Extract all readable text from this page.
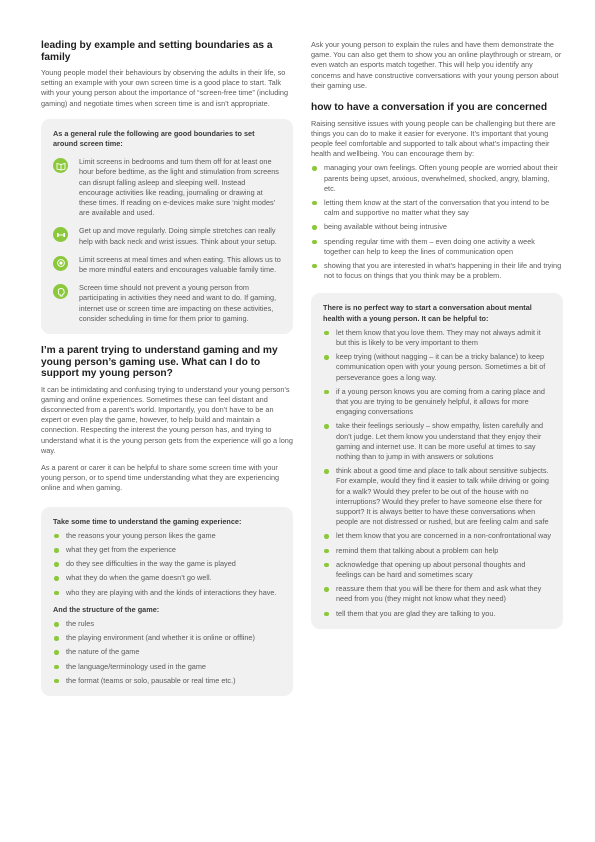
leading by example and setting boundaries as a family

Young people model their behaviours by observing the adults in their life, so setting an example with your own screen time is a good place to start. Talk with your young person about the importance of “screen-free time” (including gaming) and negotiate times when screen time is and isn’t appropriate.

As a general rule the following are good boundaries to set around screen time:
Limit screens in bedrooms and turn them off for at least one hour before bedtime, as the light and stimulation from screens can disrupt falling asleep and sleeping well. Instead encourage activities like reading, journaling or drawing at these times. If reading on e-devices make sure ‘night modes’ are available and used.
Get up and move regularly. Doing simple stretches can really help with back neck and wrist issues. Think about your setup.
Limit screens at meal times and when eating. This allows us to be more mindful eaters and encourages valuable family time.
Screen time should not prevent a young person from participating in activities they need and want to do. If gaming, internet use or screen time are impacting on these activities, consider scheduling in time for them prior to gaming.
I’m a parent trying to understand gaming and my young person’s gaming use. What can I do to support my young person?

It can be intimidating and confusing trying to understand your young person’s gaming and online experiences. Sometimes these can feel distant and disconnected from a parent’s world. Importantly, you don’t have to be an expert or even play the game, however, to help build and maintain a connection. Respecting the interest the young person has, and trying to understand what it is the young person gets from the experience will go a long way.

As a parent or carer it can be helpful to share some screen time with your young person, or to spend time understanding what they are experiencing online and when gaming.

Take some time to understand the gaming experience:
the reasons your young person likes the game
what they get from the experience
do they see difficulties in the way the game is played
what they do when the game doesn’t go well.
who they are playing with and the kinds of interactions they have.
And the structure of the game:
the rules
the playing environment (and whether it is online or offline)
the nature of the game
the language/terminology used in the game
the format (teams or solo, pausable or real time etc.)

Ask your young person to explain the rules and have them demonstrate the game. You can also get them to show you an online playthrough or stream, or even watch an esports match together. This will help you identify any concerns and have constructive conversations with your young person about their gaming use.

how to have a conversation if you are concerned

Raising sensitive issues with young people can be challenging but there are things you can do to make it easier for everyone. It’s important that young people feel comfortable and supported to talk about what’s impacting their health and wellbeing. You can encourage them by:

managing your own feelings. Often young people are worried about their parents being upset, anxious, overwhelmed, shocked, angry, blaming, etc.
letting them know at the start of the conversation that you intend to be calm and supportive no matter what they say
being available without being intrusive
spending regular time with them – even doing one activity a week together can help to keep the lines of communication open
showing that you are interested in what’s happening in their life and trying not to focus on things that you think may be a problem.
There is no perfect way to start a conversation about mental health with a young person. It can be helpful to:
let them know that you love them. They may not always admit it but this is likely to be very important to them
keep trying (without nagging – it can be a tricky balance) to keep communication open with your young person. Sometimes a bit of perseverance goes a long way.
if a young person knows you are coming from a caring place and that you are trying to be genuinely helpful, it allows for more engaging conversations
take their feelings seriously – show empathy, listen carefully and don’t judge. Let them know you understand that they enjoy their gaming and internet use. It can be more useful at times to say nothing than to jump in with answers or solutions
think about a good time and place to talk about sensitive subjects. For example, would they find it easier to talk while driving or going for a walk? Would they prefer to be out of the house with no interruptions? Would they prefer to have someone else there for support? It is always better to have these conversations when people are not distressed or rushed, but are feeling calm and safe
let them know that you are concerned in a non-confrontational way
remind them that talking about a problem can help
acknowledge that opening up about personal thoughts and feelings can be hard and sometimes scary
reassure them that you will be there for them and ask what they need from you (they might not know what they need)
tell them that you are glad they are talking to you.
